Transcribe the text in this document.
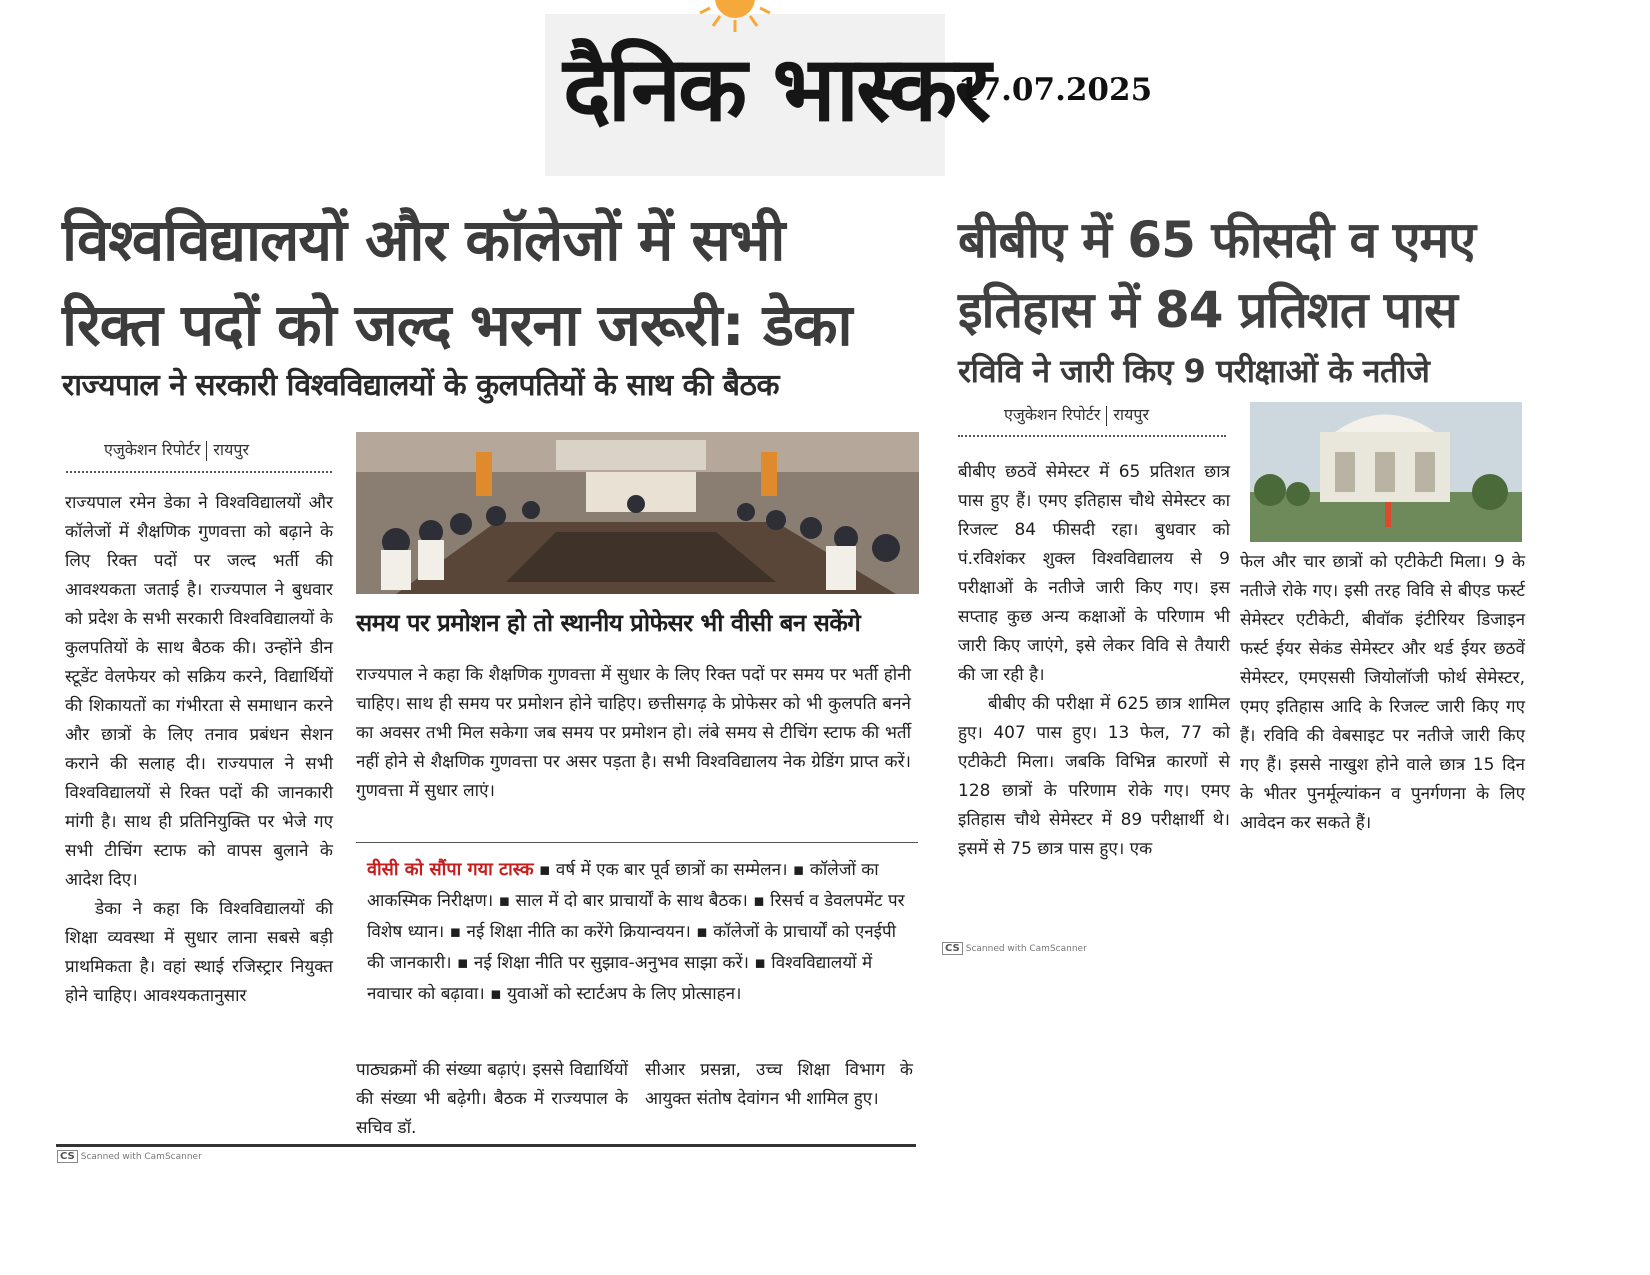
दैनिक भास्कर
17.07.2025
विश्वविद्यालयों और कॉलेजों में सभी
रिक्त पदों को जल्द भरना जरूरी: डेका
राज्यपाल ने सरकारी विश्वविद्यालयों के कुलपतियों के साथ की बैठक
एजुकेशन रिपोर्टर रायपुर

राज्यपाल रमेन डेका ने विश्वविद्यालयों और कॉलेजों में शैक्षणिक गुणवत्ता को बढ़ाने के लिए रिक्त पदों पर जल्द भर्ती की आवश्यकता जताई है। राज्यपाल ने बुधवार को प्रदेश के सभी सरकारी विश्वविद्यालयों के कुलपतियों के साथ बैठक की। उन्होंने डीन स्टूडेंट वेलफेयर को सक्रिय करने, विद्यार्थियों की शिकायतों का गंभीरता से समाधान करने और छात्रों के लिए तनाव प्रबंधन सेशन कराने की सलाह दी। राज्यपाल ने सभी विश्वविद्यालयों से रिक्त पदों की जानकारी मांगी है। साथ ही प्रतिनियुक्ति पर भेजे गए सभी टीचिंग स्टाफ को वापस बुलाने के आदेश दिए।

डेका ने कहा कि विश्वविद्यालयों की शिक्षा व्यवस्था में सुधार लाना सबसे बड़ी प्राथमिकता है। वहां स्थाई रजिस्ट्रार नियुक्त होने चाहिए। आवश्यकतानुसार

समय पर प्रमोशन हो तो स्थानीय प्रोफेसर भी वीसी बन सकेंगे
राज्यपाल ने कहा कि शैक्षणिक गुणवत्ता में सुधार के लिए रिक्त पदों पर समय पर भर्ती होनी चाहिए। साथ ही समय पर प्रमोशन होने चाहिए। छत्तीसगढ़ के प्रोफेसर को भी कुलपति बनने का अवसर तभी मिल सकेगा जब समय पर प्रमोशन हो। लंबे समय से टीचिंग स्टाफ की भर्ती नहीं होने से शैक्षणिक गुणवत्ता पर असर पड़ता है। सभी विश्वविद्यालय नेक ग्रेडिंग प्राप्त करें। गुणवत्ता में सुधार लाएं।
वीसी को सौंपा गया टास्क ▪ वर्ष में एक बार पूर्व छात्रों का सम्मेलन। ▪ कॉलेजों का आकस्मिक निरीक्षण। ▪ साल में दो बार प्राचार्यों के साथ बैठक। ▪ रिसर्च व डेवलपमेंट पर विशेष ध्यान। ▪ नई शिक्षा नीति का करेंगे क्रियान्वयन। ▪ कॉलेजों के प्राचार्यों को एनईपी की जानकारी। ▪ नई शिक्षा नीति पर सुझाव-अनुभव साझा करें। ▪ विश्वविद्यालयों में नवाचार को बढ़ावा। ▪ युवाओं को स्टार्टअप के लिए प्रोत्साहन।

पाठ्यक्रमों की संख्या बढ़ाएं। इससे विद्यार्थियों की संख्या भी बढ़ेगी। बैठक में राज्यपाल के सचिव डॉ.

सीआर प्रसन्ना, उच्च शिक्षा विभाग के आयुक्त संतोष देवांगन भी शामिल हुए।

CS Scanned with CamScanner
बीबीए में 65 फीसदी व एमए
इतिहास में 84 प्रतिशत पास
रविवि ने जारी किए 9 परीक्षाओं के नतीजे
एजुकेशन रिपोर्टर रायपुर

बीबीए छठवें सेमेस्टर में 65 प्रतिशत छात्र पास हुए हैं। एमए इतिहास चौथे सेमेस्टर का रिजल्ट 84 फीसदी रहा। बुधवार को पं.रविशंकर शुक्ल विश्वविद्यालय से 9 परीक्षाओं के नतीजे जारी किए गए। इस सप्ताह कुछ अन्य कक्षाओं के परिणाम भी जारी किए जाएंगे, इसे लेकर विवि से तैयारी की जा रही है।

बीबीए की परीक्षा में 625 छात्र शामिल हुए। 407 पास हुए। 13 फेल, 77 को एटीकेटी मिला। जबकि विभिन्न कारणों से 128 छात्रों के परिणाम रोके गए। एमए इतिहास चौथे सेमेस्टर में 89 परीक्षार्थी थे। इसमें से 75 छात्र पास हुए। एक

फेल और चार छात्रों को एटीकेटी मिला। 9 के नतीजे रोके गए। इसी तरह विवि से बीएड फर्स्ट सेमेस्टर एटीकेटी, बीवॉक इंटीरियर डिजाइन फर्स्ट ईयर सेकंड सेमेस्टर और थर्ड ईयर छठवें सेमेस्टर, एमएससी जियोलॉजी फोर्थ सेमेस्टर, एमए इतिहास आदि के रिजल्ट जारी किए गए हैं। रविवि की वेबसाइट पर नतीजे जारी किए गए हैं। इससे नाखुश होने वाले छात्र 15 दिन के भीतर पुनर्मूल्यांकन व पुनर्गणना के लिए आवेदन कर सकते हैं।

CS Scanned with CamScanner
